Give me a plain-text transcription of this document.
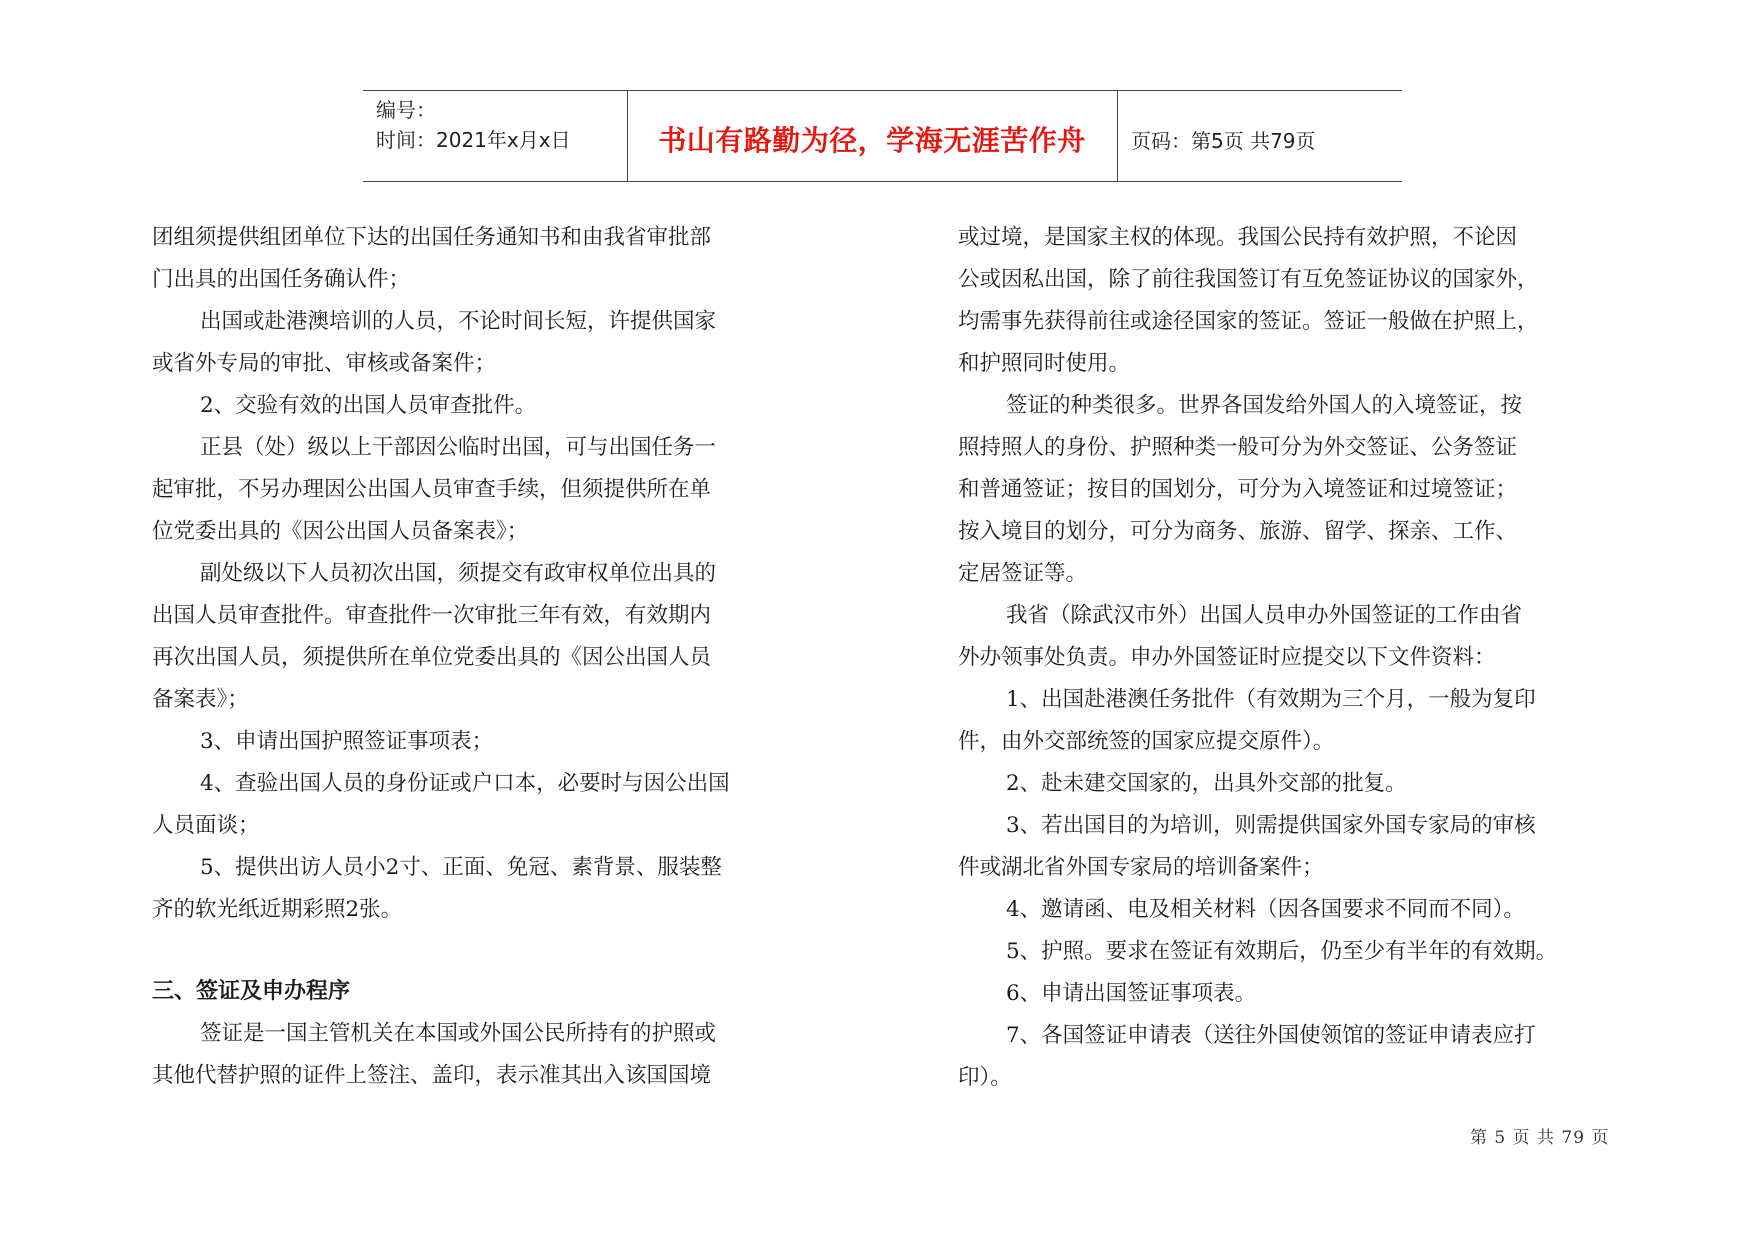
编号：
时间：2021年x月x日	书山有路勤为径，学海无涯苦作舟	页码：第5页 共79页
团组须提供组团单位下达的出国任务通知书和由我省审批部
门出具的出国任务确认件；
出国或赴港澳培训的人员，不论时间长短，许提供国家
或省外专局的审批、审核或备案件；
2、交验有效的出国人员审查批件。
正县（处）级以上干部因公临时出国，可与出国任务一
起审批，不另办理因公出国人员审查手续，但须提供所在单
位党委出具的《因公出国人员备案表》；
副处级以下人员初次出国，须提交有政审权单位出具的
出国人员审查批件。审查批件一次审批三年有效，有效期内
再次出国人员，须提供所在单位党委出具的《因公出国人员
备案表》；
3、申请出国护照签证事项表；
4、查验出国人员的身份证或户口本，必要时与因公出国
人员面谈；
5、提供出访人员小2寸、正面、免冠、素背景、服装整
齐的软光纸近期彩照2张。
三、签证及申办程序
签证是一国主管机关在本国或外国公民所持有的护照或
其他代替护照的证件上签注、盖印，表示准其出入该国国境
或过境，是国家主权的体现。我国公民持有效护照，不论因
公或因私出国，除了前往我国签订有互免签证协议的国家外，
均需事先获得前往或途径国家的签证。签证一般做在护照上，
和护照同时使用。
签证的种类很多。世界各国发给外国人的入境签证，按
照持照人的身份、护照种类一般可分为外交签证、公务签证
和普通签证；按目的国划分，可分为入境签证和过境签证；
按入境目的划分，可分为商务、旅游、留学、探亲、工作、
定居签证等。
我省（除武汉市外）出国人员申办外国签证的工作由省
外办领事处负责。申办外国签证时应提交以下文件资料：
1、出国赴港澳任务批件（有效期为三个月，一般为复印
件，由外交部统签的国家应提交原件）。
2、赴未建交国家的，出具外交部的批复。
3、若出国目的为培训，则需提供国家外国专家局的审核
件或湖北省外国专家局的培训备案件；
4、邀请函、电及相关材料（因各国要求不同而不同）。
5、护照。要求在签证有效期后，仍至少有半年的有效期。
6、申请出国签证事项表。
7、各国签证申请表（送往外国使领馆的签证申请表应打
印）。
第 5 页 共 79 页
